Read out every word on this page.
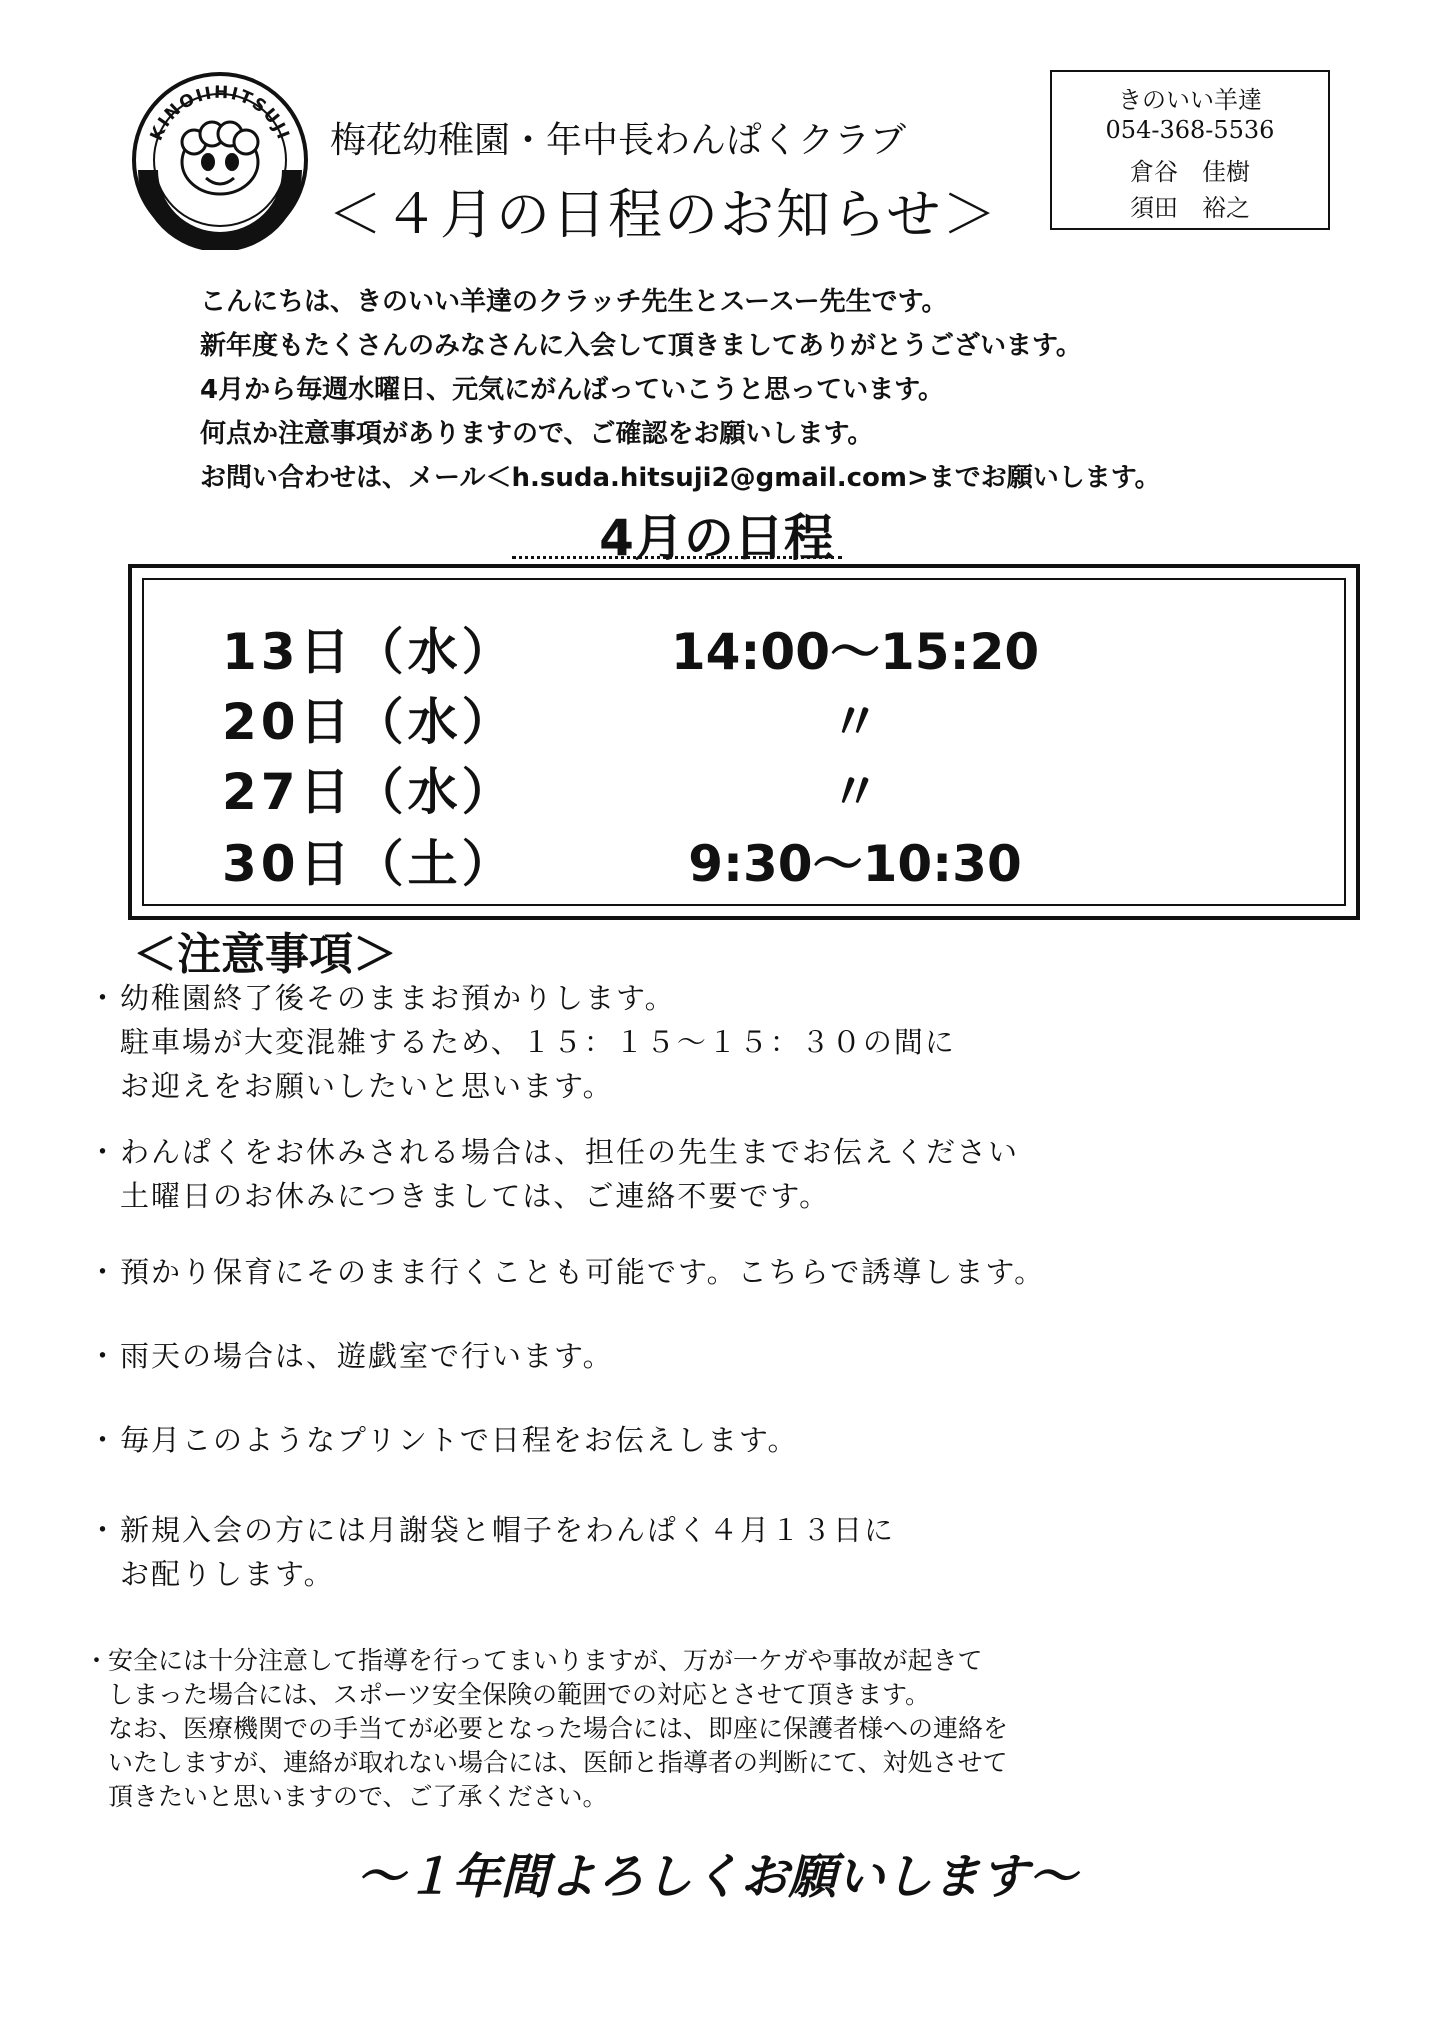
KINOIIHITSUJI 梅花幼稚園・年中長わんぱくクラブ
＜４月の日程のお知らせ＞
きのいい羊達
054-368-5536
倉谷　佳樹
須田　裕之
こんにちは、きのいい羊達のクラッチ先生とスースー先生です。
新年度もたくさんのみなさんに入会して頂きましてありがとうございます。
4月から毎週水曜日、元気にがんばっていこうと思っています。
何点か注意事項がありますので、ご確認をお願いします。
お問い合わせは、メール＜h.suda.hitsuji2@gmail.com>までお願いします。
4月の日程
13日（水）	14:00～15:20
20日（水）	〃
27日（水）	〃
30日（土）	9:30～10:30
＜注意事項＞
・ 幼稚園終了後そのままお預かりします。
駐車場が大変混雑するため、１５：１５～１５：３０の間に
お迎えをお願いしたいと思います。
・ わんぱくをお休みされる場合は、担任の先生までお伝えください
土曜日のお休みにつきましては、ご連絡不要です。
・ 預かり保育にそのまま行くことも可能です。こちらで誘導します。
・ 雨天の場合は、遊戯室で行います。
・ 毎月このようなプリントで日程をお伝えします。
・ 新規入会の方には月謝袋と帽子をわんぱく４月１３日に
お配りします。
・
安全には十分注意して指導を行ってまいりますが、万が一ケガや事故が起きて
しまった場合には、スポーツ安全保険の範囲での対応とさせて頂きます。
なお、医療機関での手当てが必要となった場合には、即座に保護者様への連絡を
いたしますが、連絡が取れない場合には、医師と指導者の判断にて、対処させて
頂きたいと思いますので、ご了承ください。
～１年間よろしくお願いします～
